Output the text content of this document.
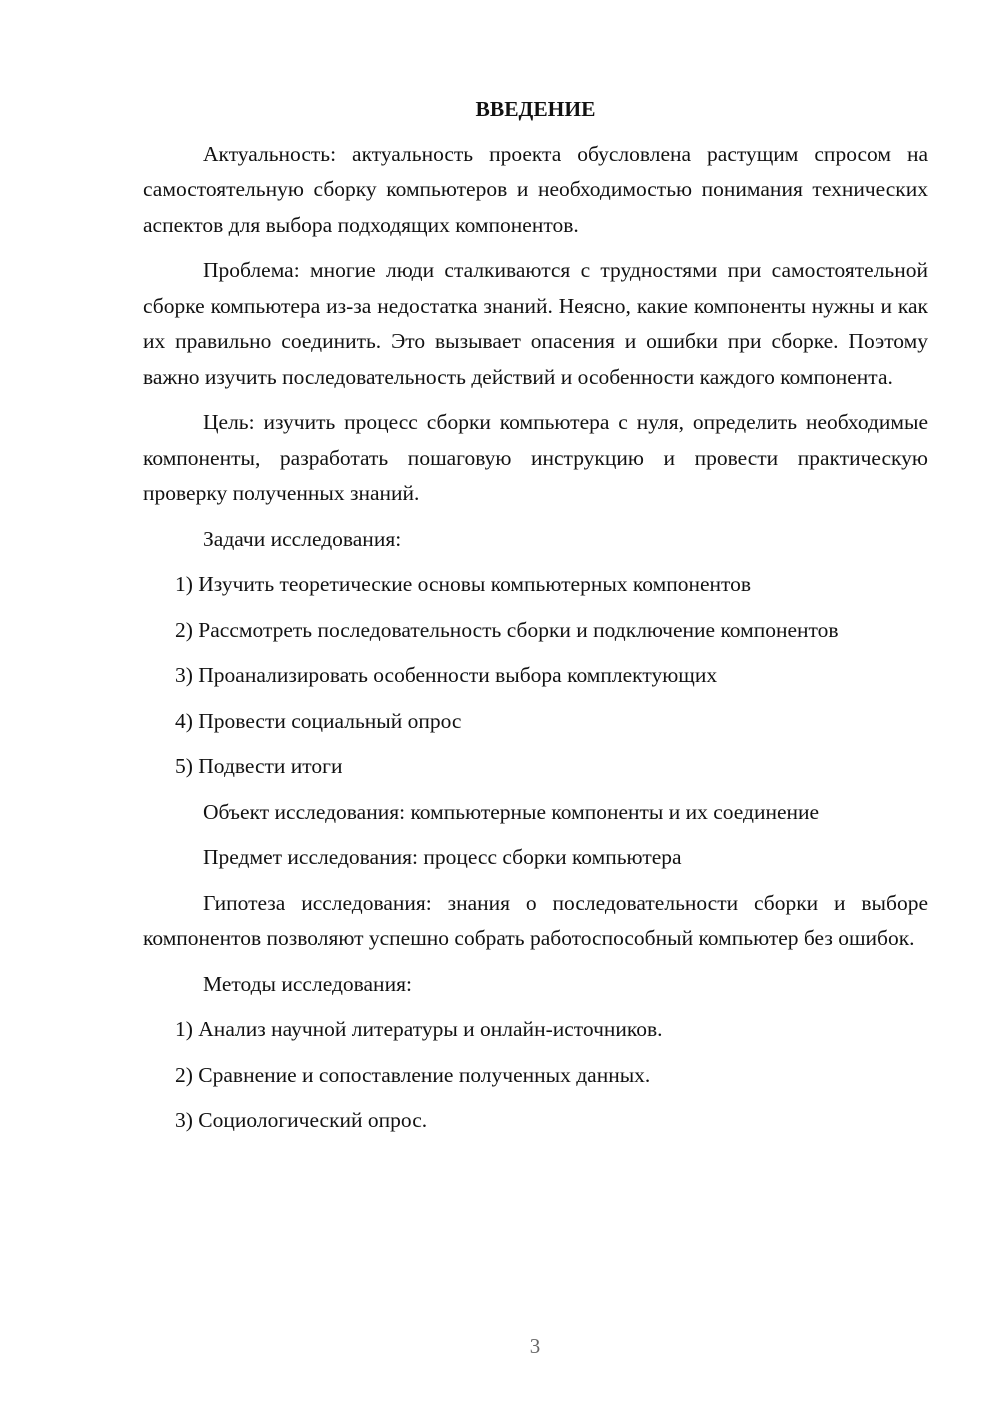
ВВЕДЕНИЕ

Актуальность: актуальность проекта обусловлена растущим спросом на самостоятельную сборку компьютеров и необходимостью понимания технических аспектов для выбора подходящих компонентов.

Проблема: многие люди сталкиваются с трудностями при самостоятельной сборке компьютера из-за недостатка знаний. Неясно, какие компоненты нужны и как их правильно соединить. Это вызывает опасения и ошибки при сборке. Поэтому важно изучить последовательность действий и особенности каждого компонента.

Цель: изучить процесс сборки компьютера с нуля, определить необходимые компоненты, разработать пошаговую инструкцию и провести практическую проверку полученных знаний.

Задачи исследования:

1) Изучить теоретические основы компьютерных компонентов

2) Рассмотреть последовательность сборки и подключение компонентов

3) Проанализировать особенности выбора комплектующих

4) Провести социальный опрос

5) Подвести итоги

Объект исследования: компьютерные компоненты и их соединение

Предмет исследования: процесс сборки компьютера

Гипотеза исследования: знания о последовательности сборки и выборе компонентов позволяют успешно собрать работоспособный компьютер без ошибок.

Методы исследования:

1) Анализ научной литературы и онлайн-источников.

2) Сравнение и сопоставление полученных данных.

3) Социологический опрос.

3
